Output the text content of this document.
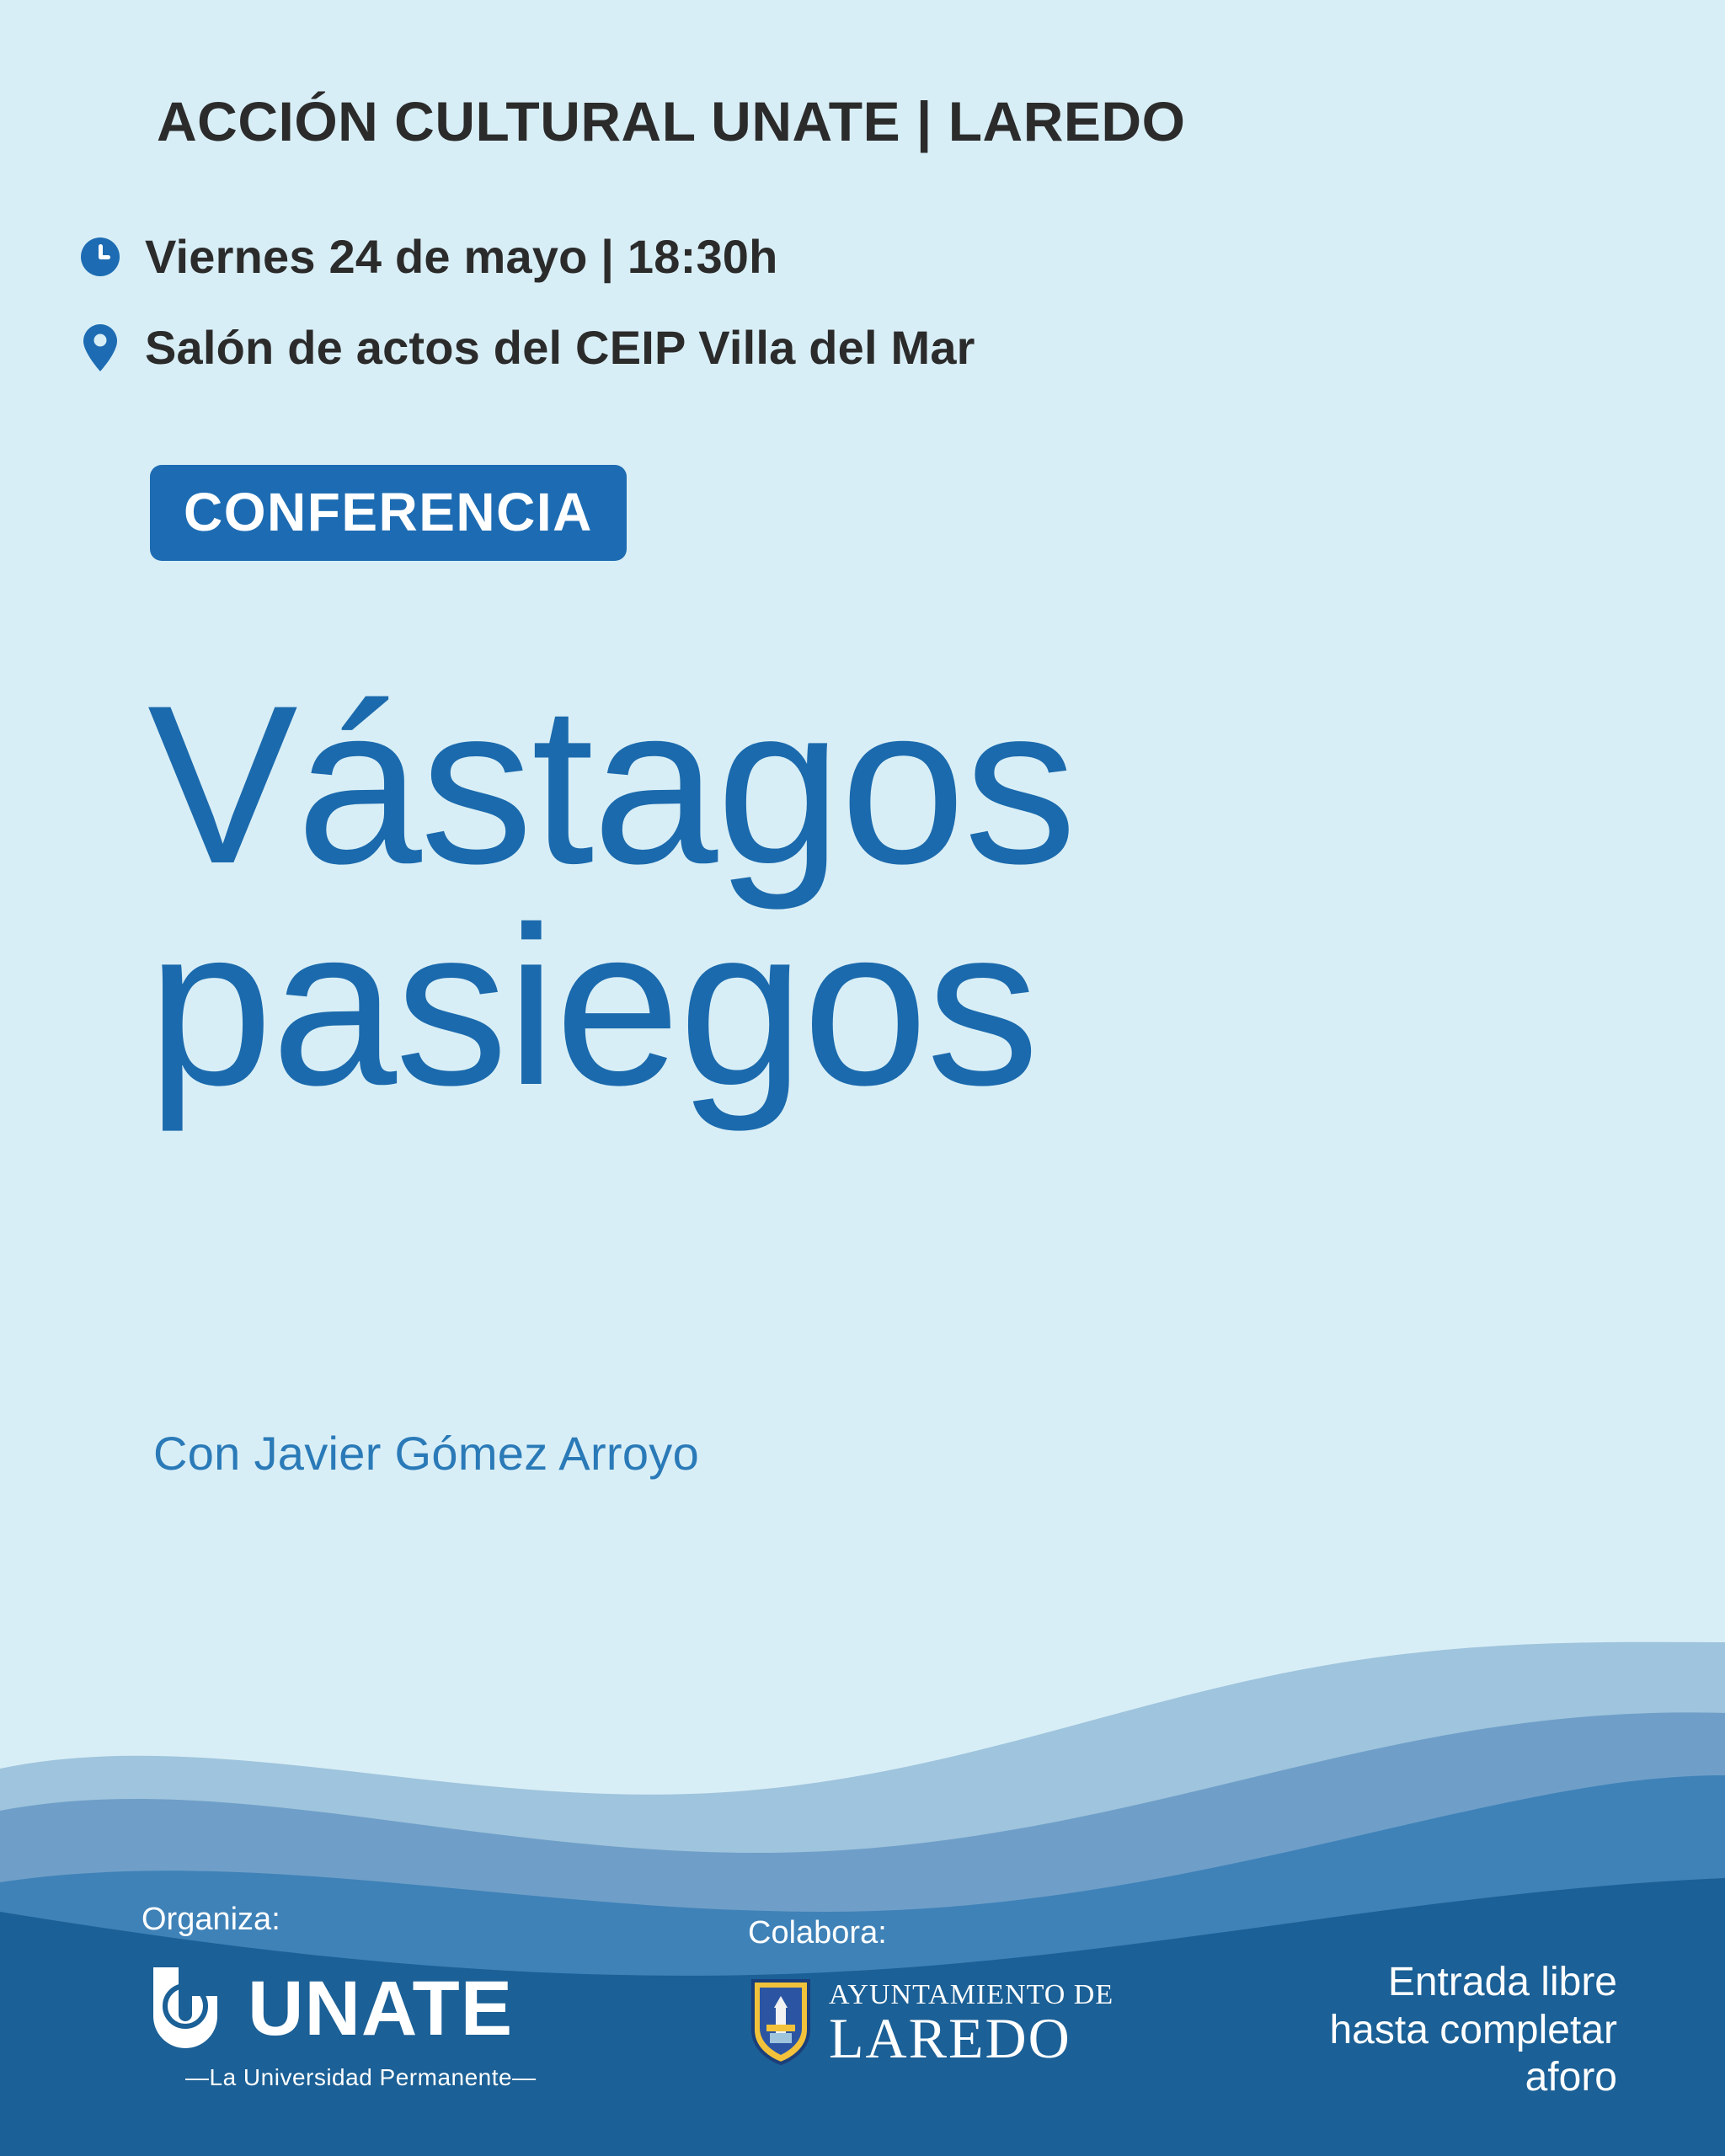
ACCIÓN CULTURAL UNATE | LAREDO
Viernes 24 de mayo | 18:30h
Salón de actos del CEIP Villa del Mar
CONFERENCIA
Vástagos
pasiegos
Con Javier Gómez Arroyo
Organiza:	Colabora:
UNATE
—La Universidad Permanente—
AYUNTAMIENTO DE
LAREDO
Entrada libre
hasta completar
aforo
